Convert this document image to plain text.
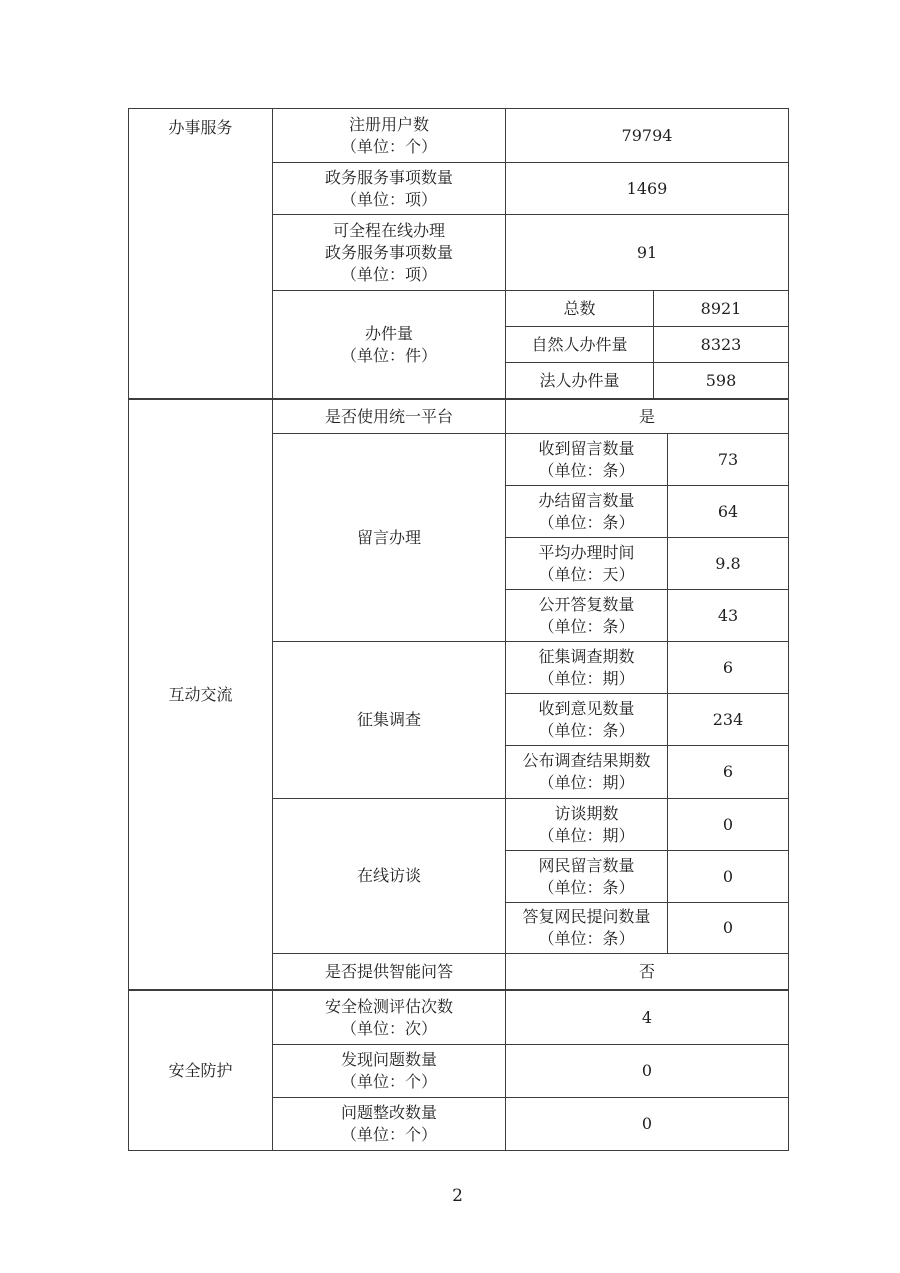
办事服务	注册用户数
（单位：个）	79794	

	政务服务事项数量
（单位：项）	1469	

	可全程在线办理
政务服务事项数量
（单位：项）	91	

	办件量
（单位：件）	总数	8921
		自然人办件量	8323
		法人办件量	598
互动交流	是否使用统一平台	是	
	留言办理	收到留言数量
（单位：条）	73

		办结留言数量
（单位：条）	64

		平均办理时间
（单位：天）	9.8

		公开答复数量
（单位：条）	43
	征集调查	征集调查期数
（单位：期）	6

		收到意见数量
（单位：条）	234

		公布调查结果期数
（单位：期）	6
	在线访谈	访谈期数
（单位：期）	0

		网民留言数量
（单位：条）	0

		答复网民提问数量
（单位：条）	0
	是否提供智能问答	否	
安全防护	安全检测评估次数
（单位：次）	4

	发现问题数量
（单位：个）	0

	问题整改数量
（单位：个）	0
2
